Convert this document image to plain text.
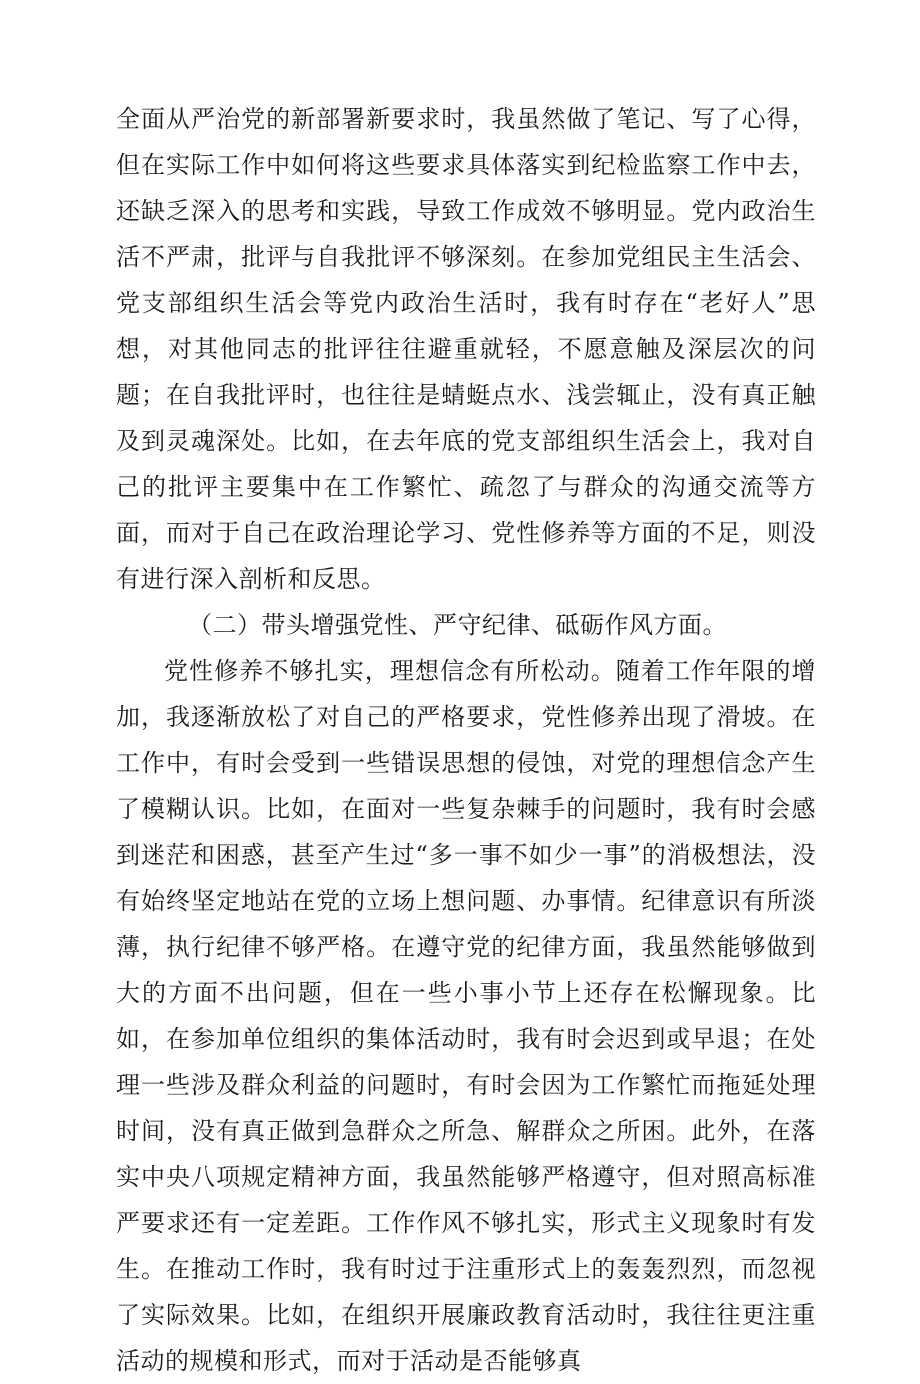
全面从严治党的新部署新要求时，我虽然做了笔记、写了心得，但在实际工作中如何将这些要求具体落实到纪检监察工作中去，还缺乏深入的思考和实践，导致工作成效不够明显。党内政治生活不严肃，批评与自我批评不够深刻。在参加党组民主生活会、党支部组织生活会等党内政治生活时，我有时存在“老好人”思想，对其他同志的批评往往避重就轻，不愿意触及深层次的问题；在自我批评时，也往往是蜻蜓点水、浅尝辄止，没有真正触及到灵魂深处。比如，在去年底的党支部组织生活会上，我对自己的批评主要集中在工作繁忙、疏忽了与群众的沟通交流等方面，而对于自己在政治理论学习、党性修养等方面的不足，则没有进行深入剖析和反思。

（二）带头增强党性、严守纪律、砥砺作风方面。

党性修养不够扎实，理想信念有所松动。随着工作年限的增加，我逐渐放松了对自己的严格要求，党性修养出现了滑坡。在工作中，有时会受到一些错误思想的侵蚀，对党的理想信念产生了模糊认识。比如，在面对一些复杂棘手的问题时，我有时会感到迷茫和困惑，甚至产生过“多一事不如少一事”的消极想法，没有始终坚定地站在党的立场上想问题、办事情。纪律意识有所淡薄，执行纪律不够严格。在遵守党的纪律方面，我虽然能够做到大的方面不出问题，但在一些小事小节上还存在松懈现象。比如，在参加单位组织的集体活动时，我有时会迟到或早退；在处理一些涉及群众利益的问题时，有时会因为工作繁忙而拖延处理时间，没有真正做到急群众之所急、解群众之所困。此外，在落实中央八项规定精神方面，我虽然能够严格遵守，但对照高标准严要求还有一定差距。工作作风不够扎实，形式主义现象时有发生。在推动工作时，我有时过于注重形式上的轰轰烈烈，而忽视了实际效果。比如，在组织开展廉政教育活动时，我往往更注重活动的规模和形式，而对于活动是否能够真
